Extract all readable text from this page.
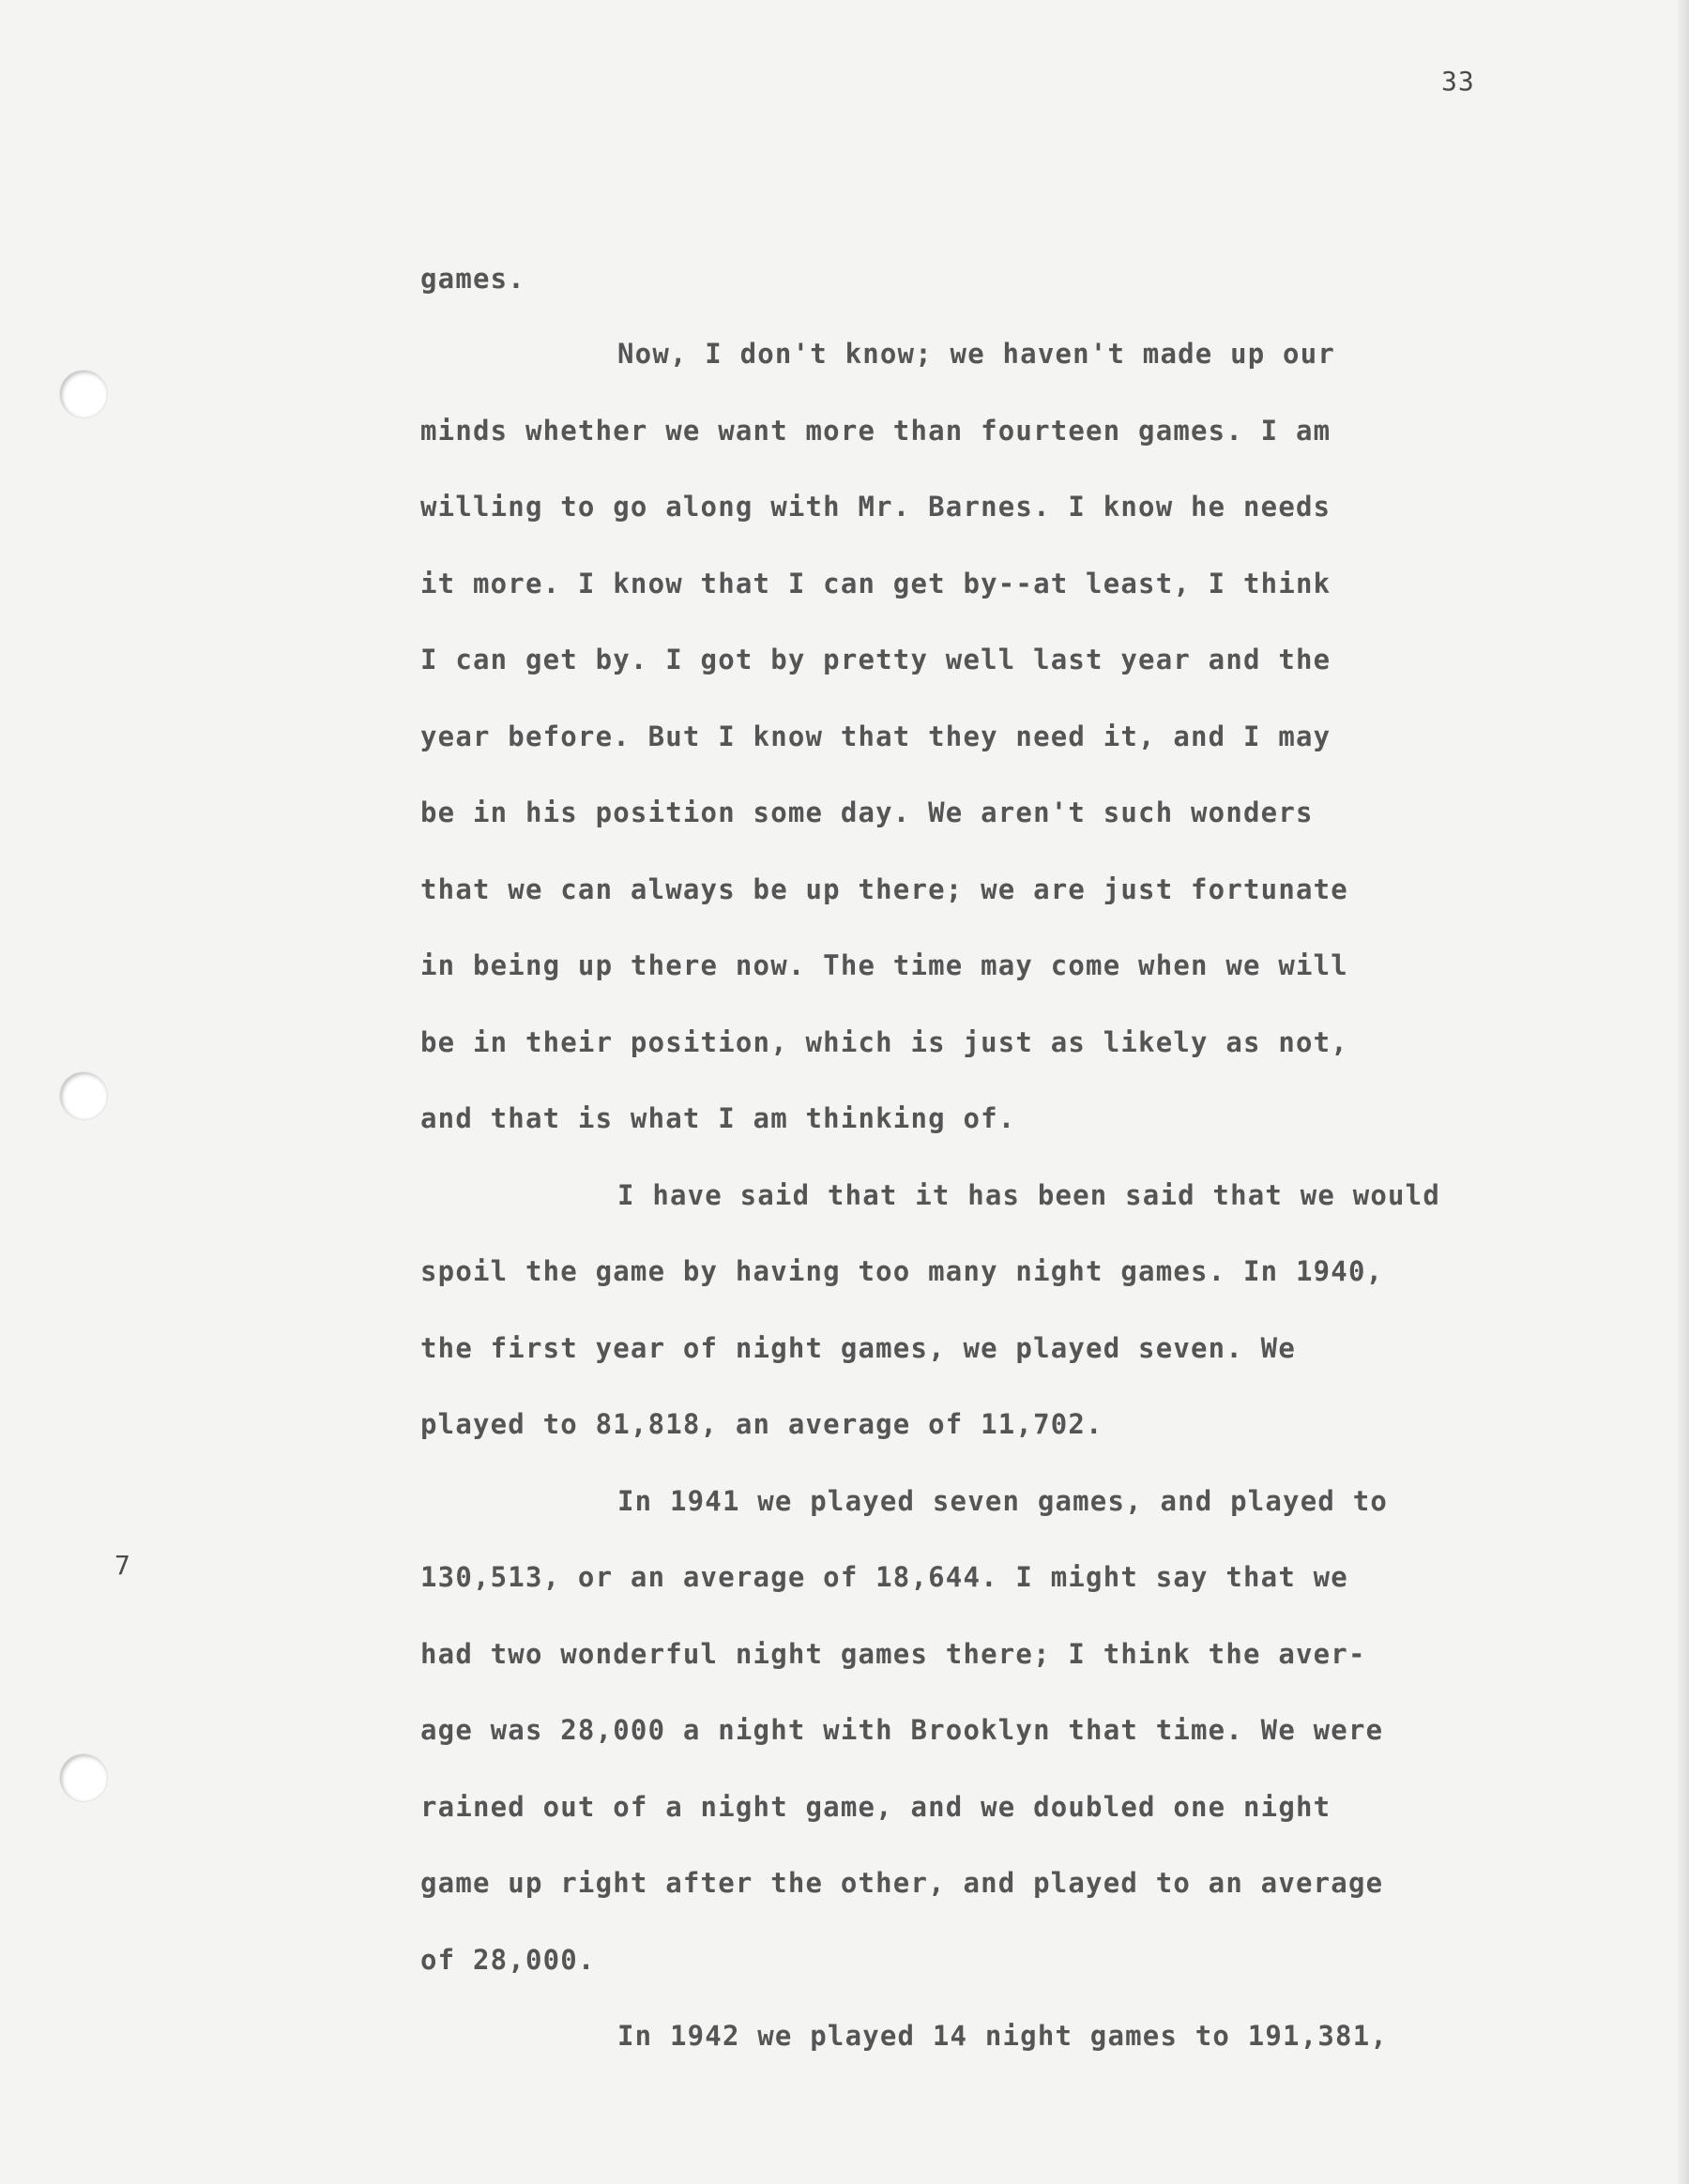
33
7
games.
Now, I don't know; we haven't made up our
minds whether we want more than fourteen games. I am
willing to go along with Mr. Barnes. I know he needs
it more. I know that I can get by--at least, I think
I can get by. I got by pretty well last year and the
year before. But I know that they need it, and I may
be in his position some day. We aren't such wonders
that we can always be up there; we are just fortunate
in being up there now. The time may come when we will
be in their position, which is just as likely as not,
and that is what I am thinking of.
I have said that it has been said that we would
spoil the game by having too many night games. In 1940,
the first year of night games, we played seven. We
played to 81,818, an average of 11,702.
In 1941 we played seven games, and played to
130,513, or an average of 18,644. I might say that we
had two wonderful night games there; I think the aver-
age was 28,000 a night with Brooklyn that time. We were
rained out of a night game, and we doubled one night
game up right after the other, and played to an average
of 28,000.
In 1942 we played 14 night games to 191,381,
